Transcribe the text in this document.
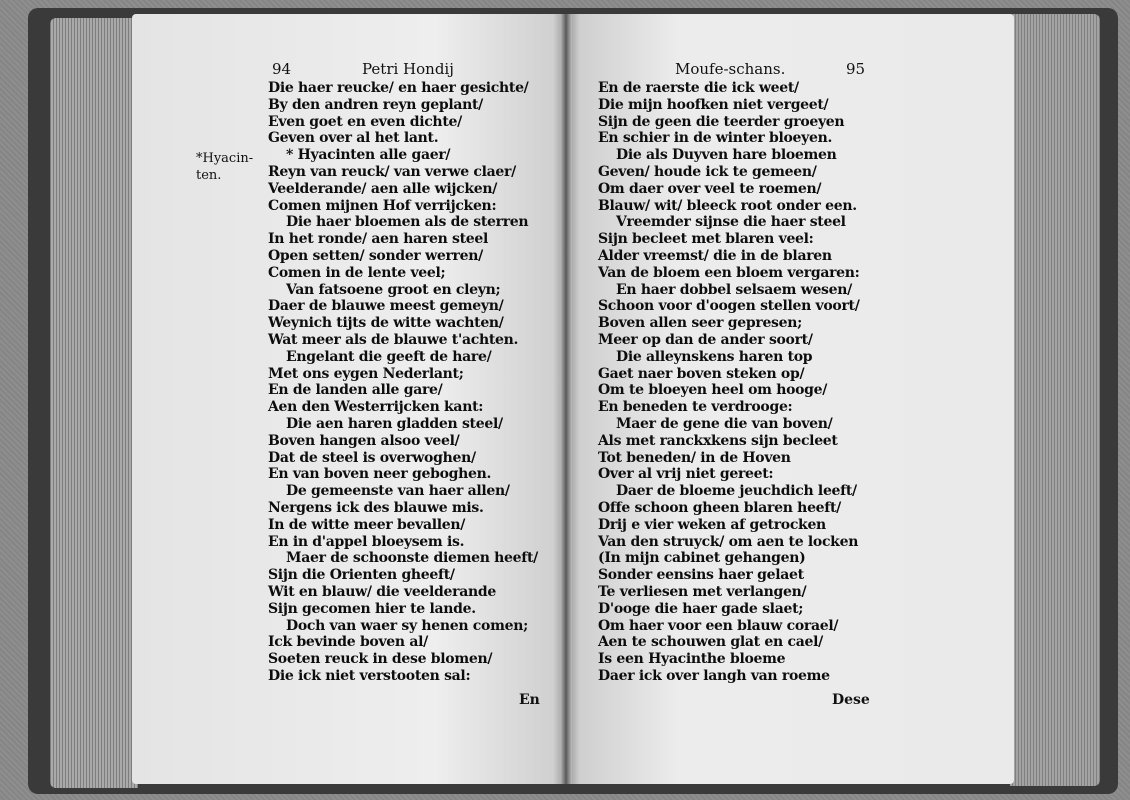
94	Petri Hondij
*Hyacin-
ten.
Die haer reucke/ en haer gesichte/
By den andren reyn geplant/
Even goet en even dichte/
Geven over al het lant.
* Hyacinten alle gaer/
Reyn van reuck/ van verwe claer/
Veelderande/ aen alle wijcken/
Comen mijnen Hof verrijcken:
Die haer bloemen als de sterren
In het ronde/ aen haren steel
Open setten/ sonder werren/
Comen in de lente veel;
Van fatsoene groot en cleyn;
Daer de blauwe meest gemeyn/
Weynich tijts de witte wachten/
Wat meer als de blauwe t'achten.
Engelant die geeft de hare/
Met ons eygen Nederlant;
En de landen alle gare/
Aen den Westerrijcken kant:
Die aen haren gladden steel/
Boven hangen alsoo veel/
Dat de steel is overwoghen/
En van boven neer geboghen.
De gemeenste van haer allen/
Nergens ick des blauwe mis.
In de witte meer bevallen/
En in d'appel bloeysem is.
Maer de schoonste diemen heeft/
Sijn die Orienten gheeft/
Wit en blauw/ die veelderande
Sijn gecomen hier te lande.
Doch van waer sy henen comen;
Ick bevinde boven al/
Soeten reuck in dese blomen/
Die ick niet verstooten sal:
En
Moufe-schans.	95
En de raerste die ick weet/
Die mijn hoofken niet vergeet/
Sijn de geen die teerder groeyen
En schier in de winter bloeyen.
Die als Duyven hare bloemen
Geven/ houde ick te gemeen/
Om daer over veel te roemen/
Blauw/ wit/ bleeck root onder een.
Vreemder sijnse die haer steel
Sijn becleet met blaren veel:
Alder vreemst/ die in de blaren
Van de bloem een bloem vergaren:
En haer dobbel selsaem wesen/
Schoon voor d'oogen stellen voort/
Boven allen seer gepresen;
Meer op dan de ander soort/
Die alleynskens haren top
Gaet naer boven steken op/
Om te bloeyen heel om hooge/
En beneden te verdrooge:
Maer de gene die van boven/
Als met ranckxkens sijn becleet
Tot beneden/ in de Hoven
Over al vrij niet gereet:
Daer de bloeme jeuchdich leeft/
Offe schoon gheen blaren heeft/
Drij e vier weken af getrocken
Van den struyck/ om aen te locken
(In mijn cabinet gehangen)
Sonder eensins haer gelaet
Te verliesen met verlangen/
D'ooge die haer gade slaet;
Om haer voor een blauw corael/
Aen te schouwen glat en cael/
Is een Hyacinthe bloeme
Daer ick over langh van roeme
Dese
